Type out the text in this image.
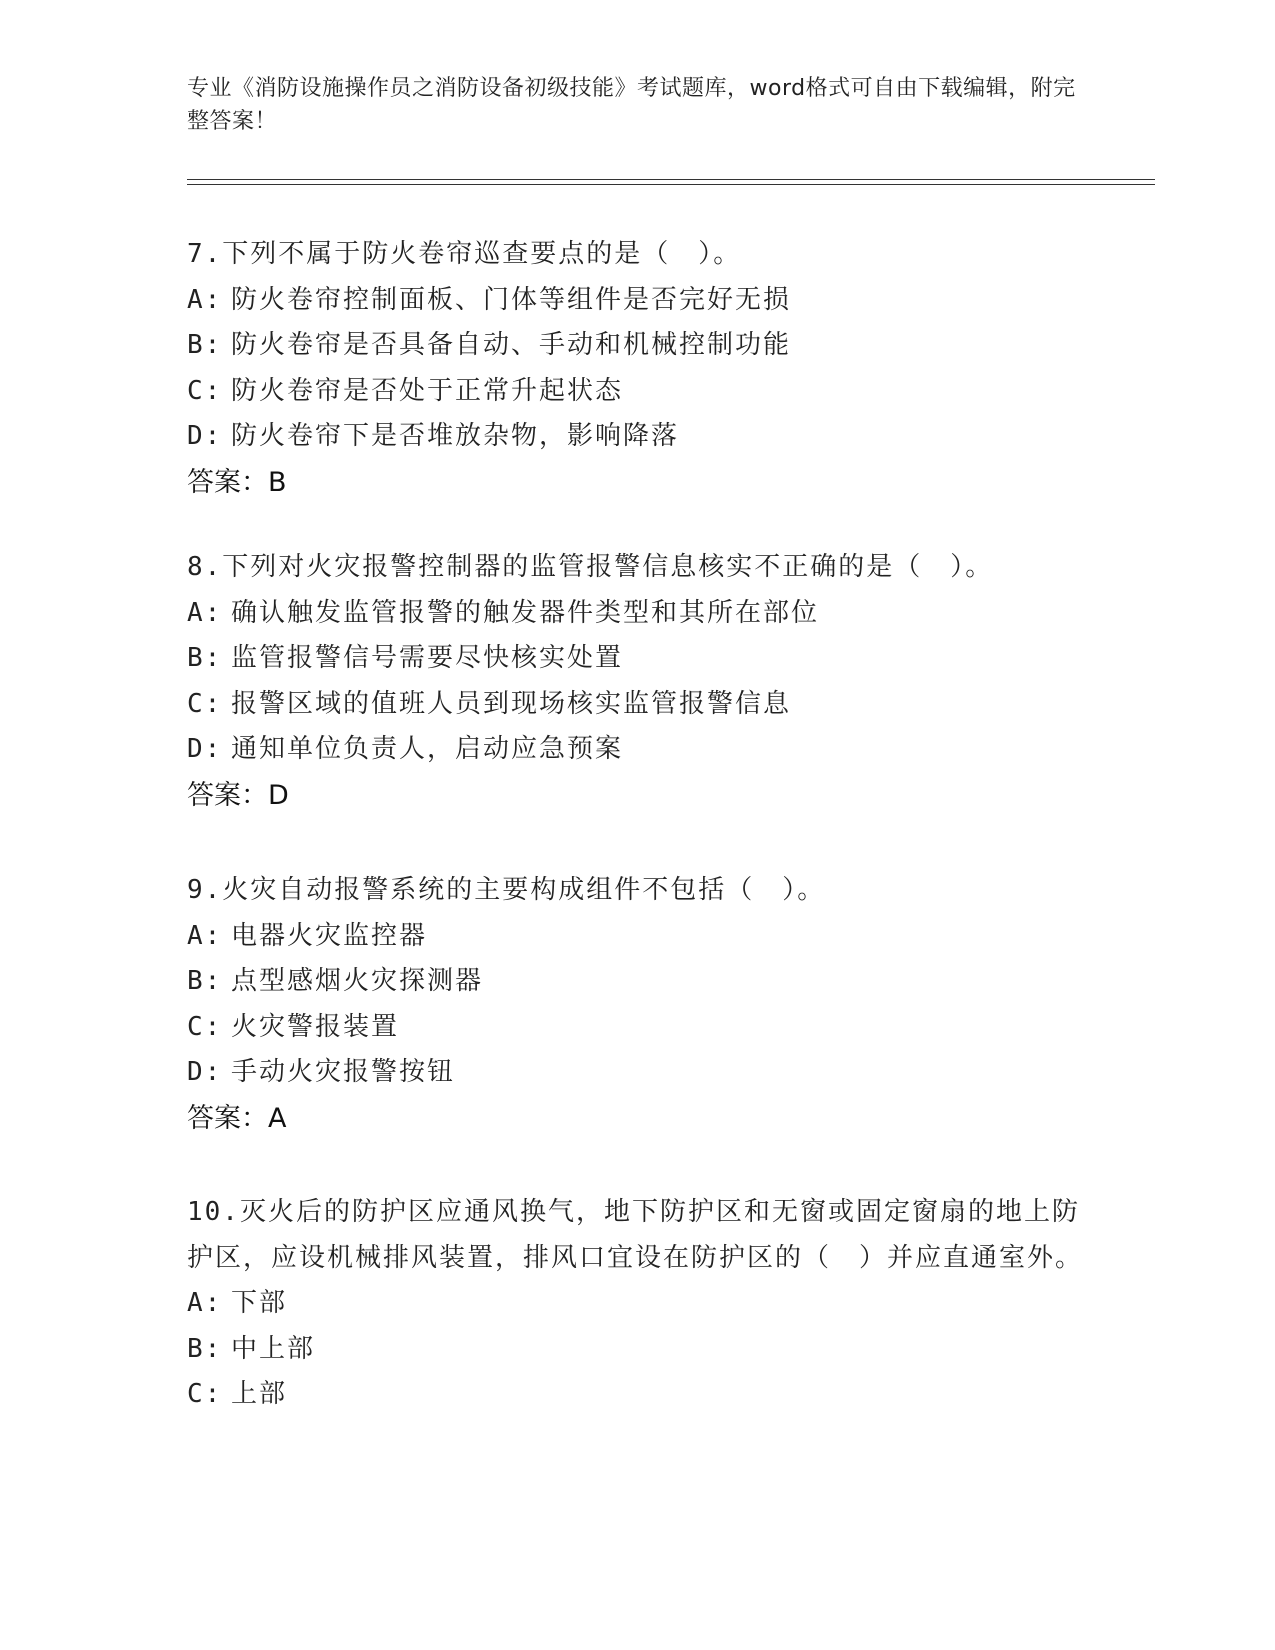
专业《消防设施操作员之消防设备初级技能》考试题库，word格式可自由下载编辑，附完整答案！

7.下列不属于防火卷帘巡查要点的是（　）。

A: 防火卷帘控制面板、门体等组件是否完好无损

B: 防火卷帘是否具备自动、手动和机械控制功能

C: 防火卷帘是否处于正常升起状态

D: 防火卷帘下是否堆放杂物，影响降落

答案：B

8.下列对火灾报警控制器的监管报警信息核实不正确的是（　）。

A: 确认触发监管报警的触发器件类型和其所在部位

B: 监管报警信号需要尽快核实处置

C: 报警区域的值班人员到现场核实监管报警信息

D: 通知单位负责人，启动应急预案

答案：D

9.火灾自动报警系统的主要构成组件不包括（　）。

A: 电器火灾监控器

B: 点型感烟火灾探测器

C: 火灾警报装置

D: 手动火灾报警按钮

答案：A

10.灭火后的防护区应通风换气，地下防护区和无窗或固定窗扇的地上防护区，应设机械排风装置，排风口宜设在防护区的（　）并应直通室外。

A: 下部

B: 中上部

C: 上部
